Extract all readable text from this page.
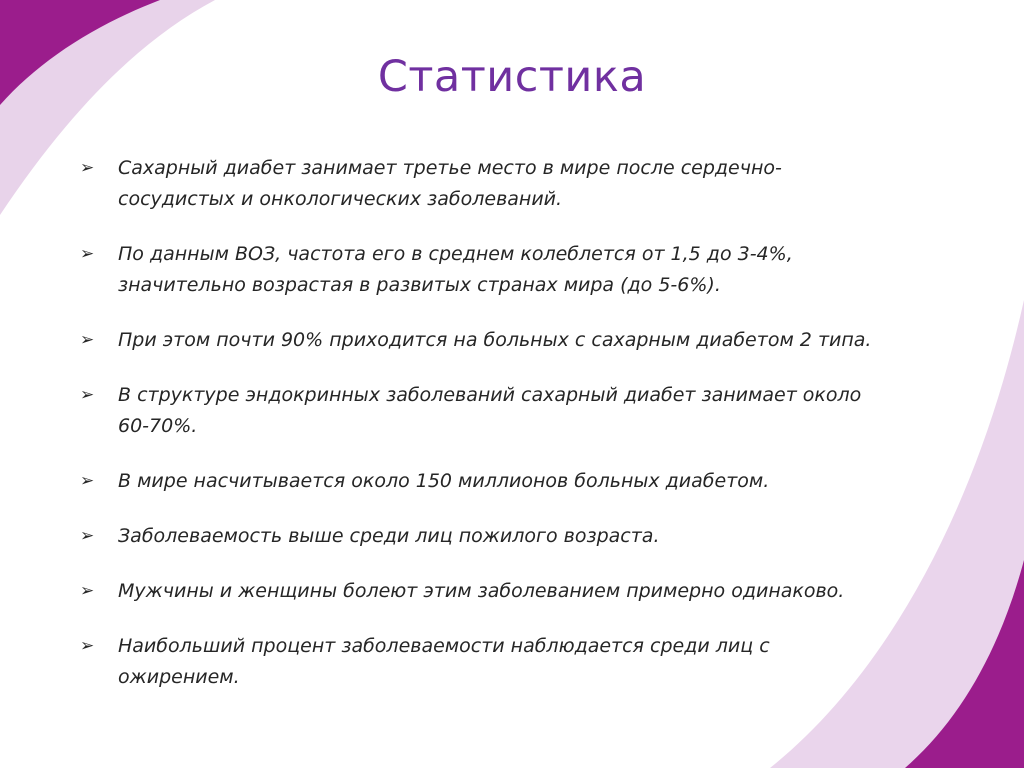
Статистика
➢ Сахарный диабет занимает третье место в мире после сердечно-
сосудистых и онкологических заболеваний.
➢ По данным ВОЗ, частота его в среднем колеблется от 1,5 до 3-4%,
значительно возрастая в развитых странах мира (до 5-6%).
➢ При этом почти 90% приходится на больных с сахарным диабетом 2 типа.
➢ В структуре эндокринных заболеваний сахарный диабет занимает около
60-70%.
➢ В мире насчитывается около 150 миллионов больных диабетом.
➢ Заболеваемость выше среди лиц пожилого возраста.
➢ Мужчины и женщины болеют этим заболеванием примерно одинаково.
➢ Наибольший процент заболеваемости наблюдается среди лиц с
ожирением.
